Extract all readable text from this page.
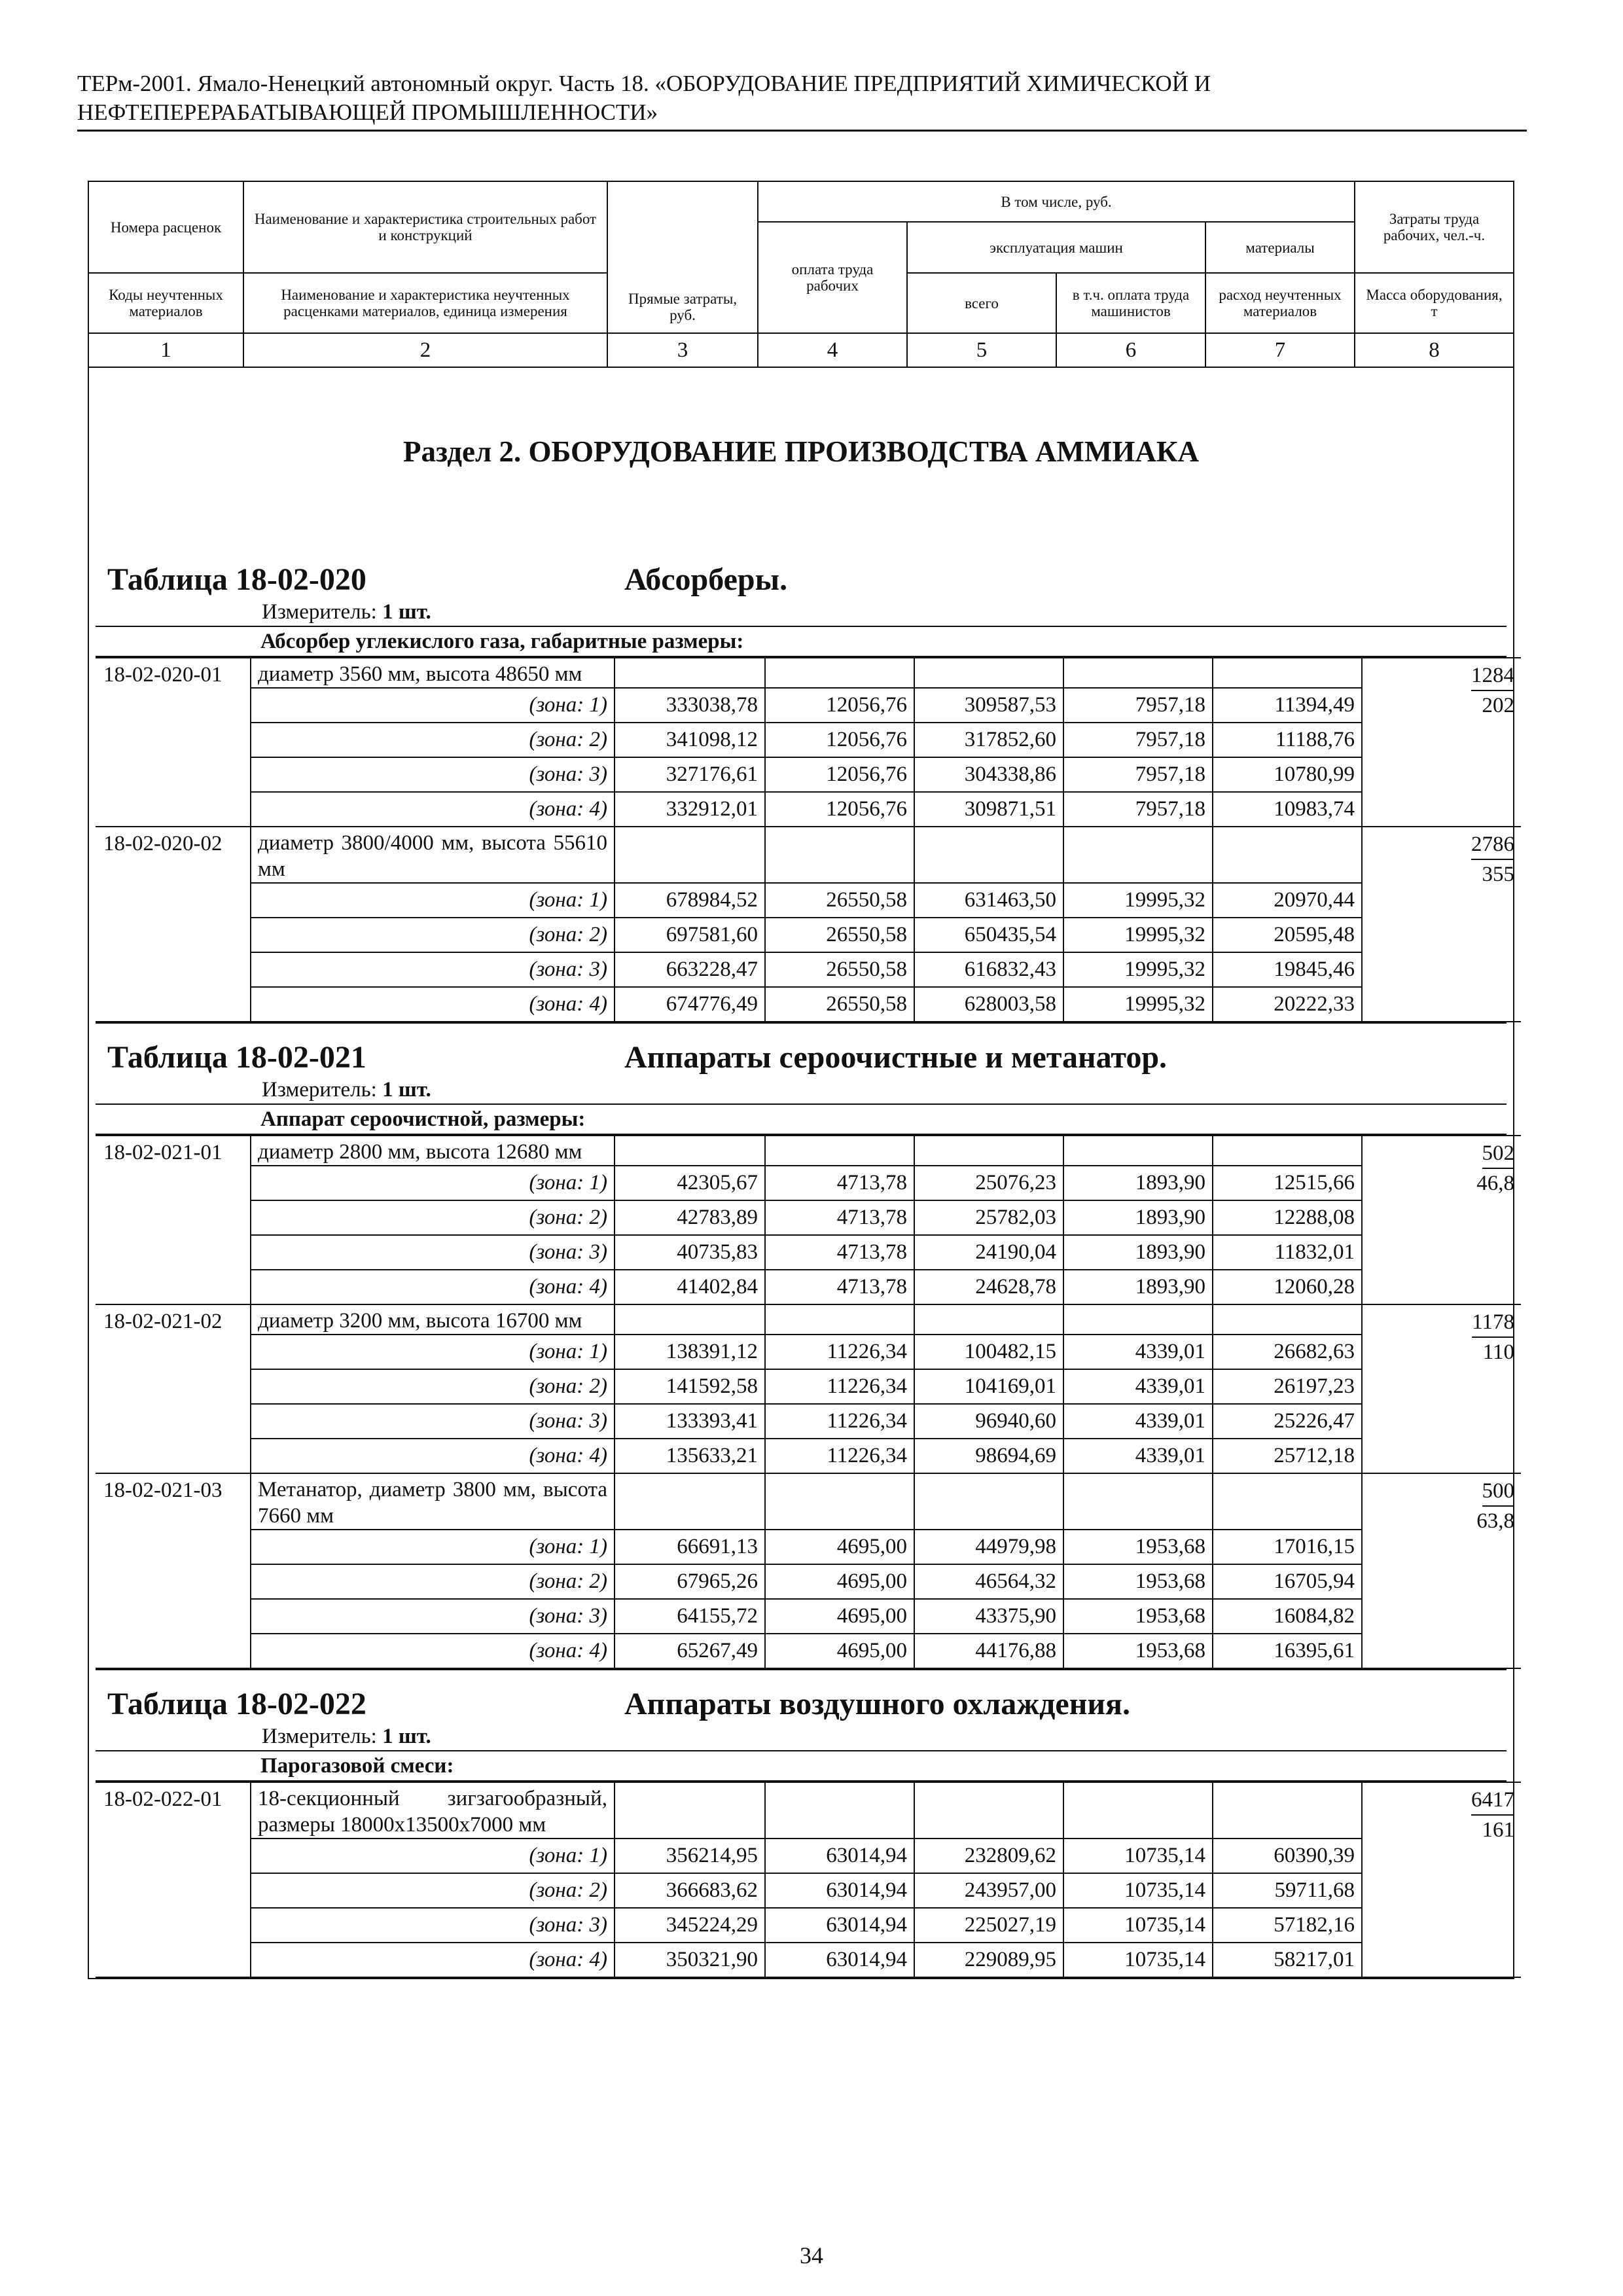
ТЕРм-2001. Ямало-Ненецкий автономный округ. Часть 18. «ОБОРУДОВАНИЕ ПРЕДПРИЯТИЙ ХИМИЧЕСКОЙ И
НЕФТЕПЕРЕРАБАТЫВАЮЩЕЙ ПРОМЫШЛЕННОСТИ»
Номера расценок	Наименование и характеристика строительных работ и конструкций	Прямые затраты, руб.	В том числе, руб.	Затраты труда рабочих, чел.-ч.
оплата труда рабочих	эксплуатация машин	материалы
Коды неучтенных материалов	Наименование и характеристика неучтенных расценками материалов, единица измерения	всего	в т.ч. оплата труда машинистов	расход неучтенных материалов	Масса оборудования, т
1	2	3	4	5	6	7	8

Раздел 2. ОБОРУДОВАНИЕ ПРОИЗВОДСТВА АММИАКА
Таблица 18-02-020	Абсорберы.
Измеритель: 1 шт.
Абсорбер углекислого газа, габаритные размеры:
18-02-020-01	диаметр 3560 мм, высота 48650 мм						1284
202

(зона: 1)	333038,78	12056,76	309587,53	7957,18	11394,49
(зона: 2)	341098,12	12056,76	317852,60	7957,18	11188,76
(зона: 3)	327176,61	12056,76	304338,86	7957,18	10780,99
(зона: 4)	332912,01	12056,76	309871,51	7957,18	10983,74
18-02-020-02	диаметр 3800/4000 мм, высота 55610 мм						2786
355

(зона: 1)	678984,52	26550,58	631463,50	19995,32	20970,44
(зона: 2)	697581,60	26550,58	650435,54	19995,32	20595,48
(зона: 3)	663228,47	26550,58	616832,43	19995,32	19845,46
(зона: 4)	674776,49	26550,58	628003,58	19995,32	20222,33
Таблица 18-02-021	Аппараты сероочистные и метанатор.
Измеритель: 1 шт.
Аппарат сероочистной, размеры:
18-02-021-01	диаметр 2800 мм, высота 12680 мм						502
46,8

(зона: 1)	42305,67	4713,78	25076,23	1893,90	12515,66
(зона: 2)	42783,89	4713,78	25782,03	1893,90	12288,08
(зона: 3)	40735,83	4713,78	24190,04	1893,90	11832,01
(зона: 4)	41402,84	4713,78	24628,78	1893,90	12060,28
18-02-021-02	диаметр 3200 мм, высота 16700 мм						1178
110

(зона: 1)	138391,12	11226,34	100482,15	4339,01	26682,63
(зона: 2)	141592,58	11226,34	104169,01	4339,01	26197,23
(зона: 3)	133393,41	11226,34	96940,60	4339,01	25226,47
(зона: 4)	135633,21	11226,34	98694,69	4339,01	25712,18
18-02-021-03	Метанатор, диаметр 3800 мм, высота 7660 мм						500
63,8

(зона: 1)	66691,13	4695,00	44979,98	1953,68	17016,15
(зона: 2)	67965,26	4695,00	46564,32	1953,68	16705,94
(зона: 3)	64155,72	4695,00	43375,90	1953,68	16084,82
(зона: 4)	65267,49	4695,00	44176,88	1953,68	16395,61
Таблица 18-02-022	Аппараты воздушного охлаждения.
Измеритель: 1 шт.
Парогазовой смеси:
18-02-022-01	18-секционный зигзагообразный, размеры 18000х13500х7000 мм						6417
161

(зона: 1)	356214,95	63014,94	232809,62	10735,14	60390,39
(зона: 2)	366683,62	63014,94	243957,00	10735,14	59711,68
(зона: 3)	345224,29	63014,94	225027,19	10735,14	57182,16
(зона: 4)	350321,90	63014,94	229089,95	10735,14	58217,01
34
